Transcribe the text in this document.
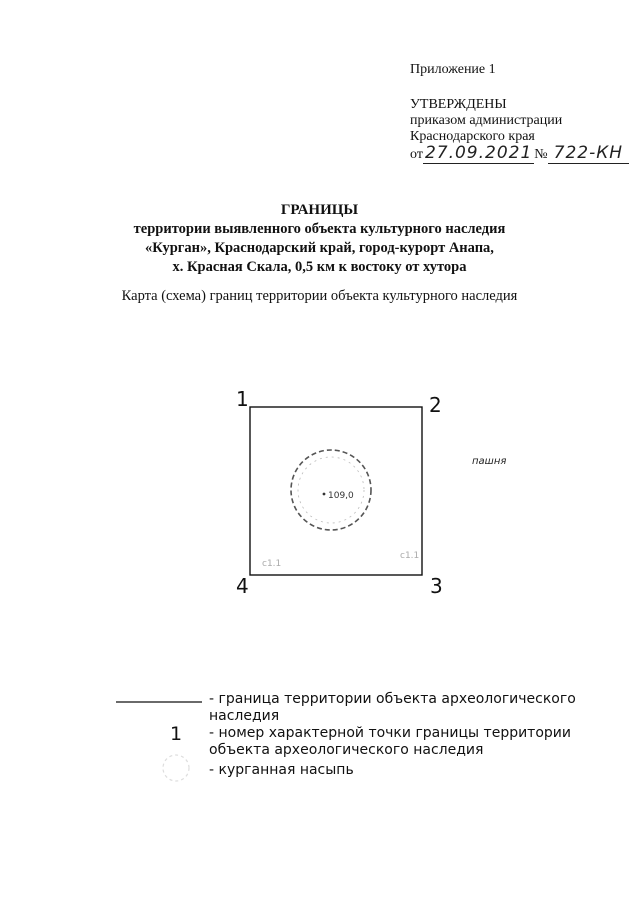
Приложение 1
УТВЕРЖДЕНЫ
приказом администрации
Краснодарского края
от 27.09.2021 № 722-КН
ГРАНИЦЫ
территории выявленного объекта культурного наследия
«Курган», Краснодарский край, город-курорт Анапа,
х. Красная Скала, 0,5 км к востоку от хутора
Карта (схема) границ территории объекта культурного наследия
c1.1
c1.1
109,0
1	2
3
4
пашня
1
- граница территории объекта археологического
наследия
- номер характерной точки границы территории
объекта археологического наследия
- курганная насыпь
